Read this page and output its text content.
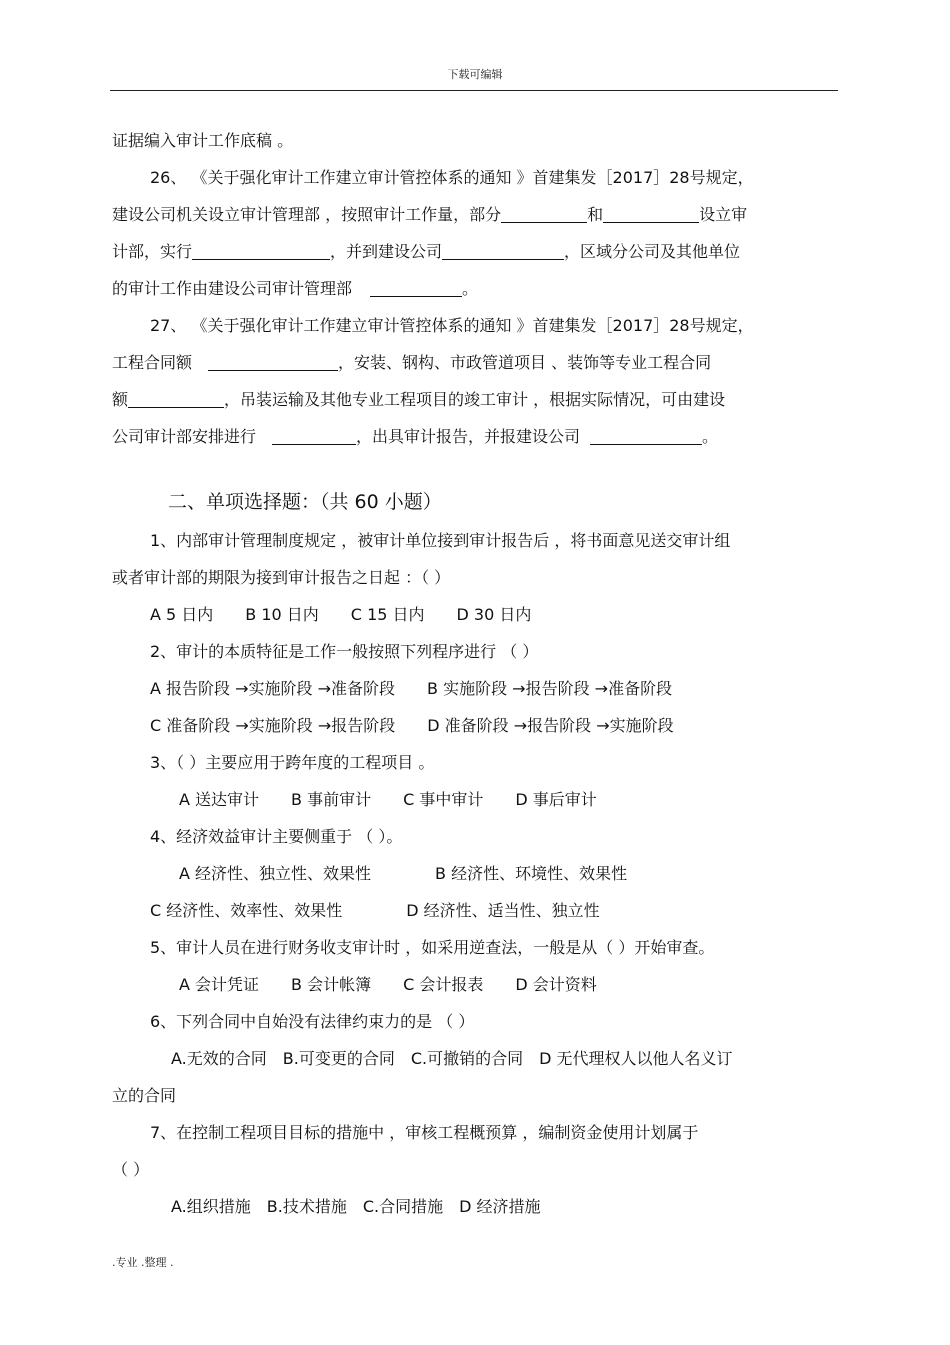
下载可编辑
证据编入审计工作底稿 。
26、 《关于强化审计工作建立审计管控体系的通知 》首建集发［2017］28号规定，
建设公司机关设立审计管理部 ，按照审计工作量，部分	和	设立审
计部，实行	，并到建设公司	，区域分公司及其他单位
的审计工作由建设公司审计管理部	。
27、 《关于强化审计工作建立审计管控体系的通知 》首建集发［2017］28号规定，
工程合同额	，安装、钢构、市政管道项目 、装饰等专业工程合同
额	，吊装运输及其他专业工程项目的竣工审计 ，根据实际情况，可由建设
公司审计部安排进行	，出具审计报告，并报建设公司	。
二、单项选择题：（共 60 小题）
1、内部审计管理制度规定 ，被审计单位接到审计报告后 ，将书面意见送交审计组
或者审计部的期限为接到审计报告之日起 ：（ ）
A 5 日内　　B 10 日内　　C 15 日内　　D 30 日内
2、审计的本质特征是工作一般按照下列程序进行 （ ）
A 报告阶段 →实施阶段 →准备阶段　　B 实施阶段 →报告阶段 →准备阶段
C 准备阶段 →实施阶段 →报告阶段　　D 准备阶段 →报告阶段 →实施阶段
3、（ ）主要应用于跨年度的工程项目 。
A 送达审计　　B 事前审计　　C 事中审计　　D 事后审计
4、经济效益审计主要侧重于 （ ）。
A 经济性、独立性、效果性　　　　B 经济性、环境性、效果性
C 经济性、效率性、效果性　　　　D 经济性、适当性、独立性
5、审计人员在进行财务收支审计时 ，如采用逆查法，一般是从（ ）开始审查。
A 会计凭证　　B 会计帐簿　　C 会计报表　　D 会计资料
6、下列合同中自始没有法律约束力的是 （ ）
A.无效的合同　B.可变更的合同　C.可撤销的合同　D 无代理权人以他人名义订
立的合同
7、在控制工程项目目标的措施中 ，审核工程概预算 ，编制资金使用计划属于
（ ）
A.组织措施　B.技术措施　C.合同措施　D 经济措施
.专业 .整理 .
